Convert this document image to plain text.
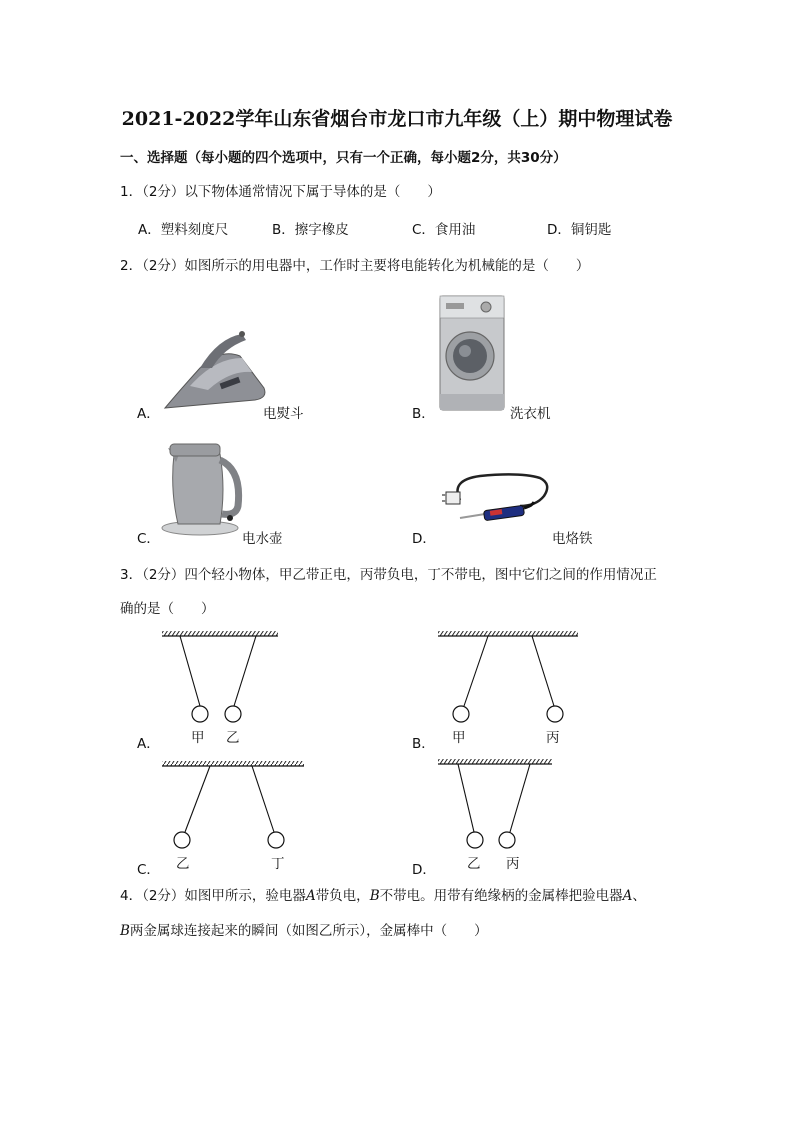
2021-2022学年山东省烟台市龙口市九年级（上）期中物理试卷
一、选择题（每小题的四个选项中，只有一个正确，每小题2分，共30分）
1．（2分）以下物体通常情况下属于导体的是（　　）
A．塑料刻度尺	B．擦字橡皮	C．食用油	D．铜钥匙
2．（2分）如图所示的用电器中，工作时主要将电能转化为机械能的是（　　）
A．	电熨斗	B．	洗衣机
C．	电水壶	D．	电烙铁
3．（2分）四个轻小物体，甲乙带正电，丙带负电，丁不带电，图中它们之间的作用情况正
确的是（　　）
A． 甲 乙	B． 甲	丙
C． 乙	丁	D． 乙 丙
4．（2分）如图甲所示，验电器A带负电，B不带电。用带有绝缘柄的金属棒把验电器A、
B两金属球连接起来的瞬间（如图乙所示），金属棒中（　　）
